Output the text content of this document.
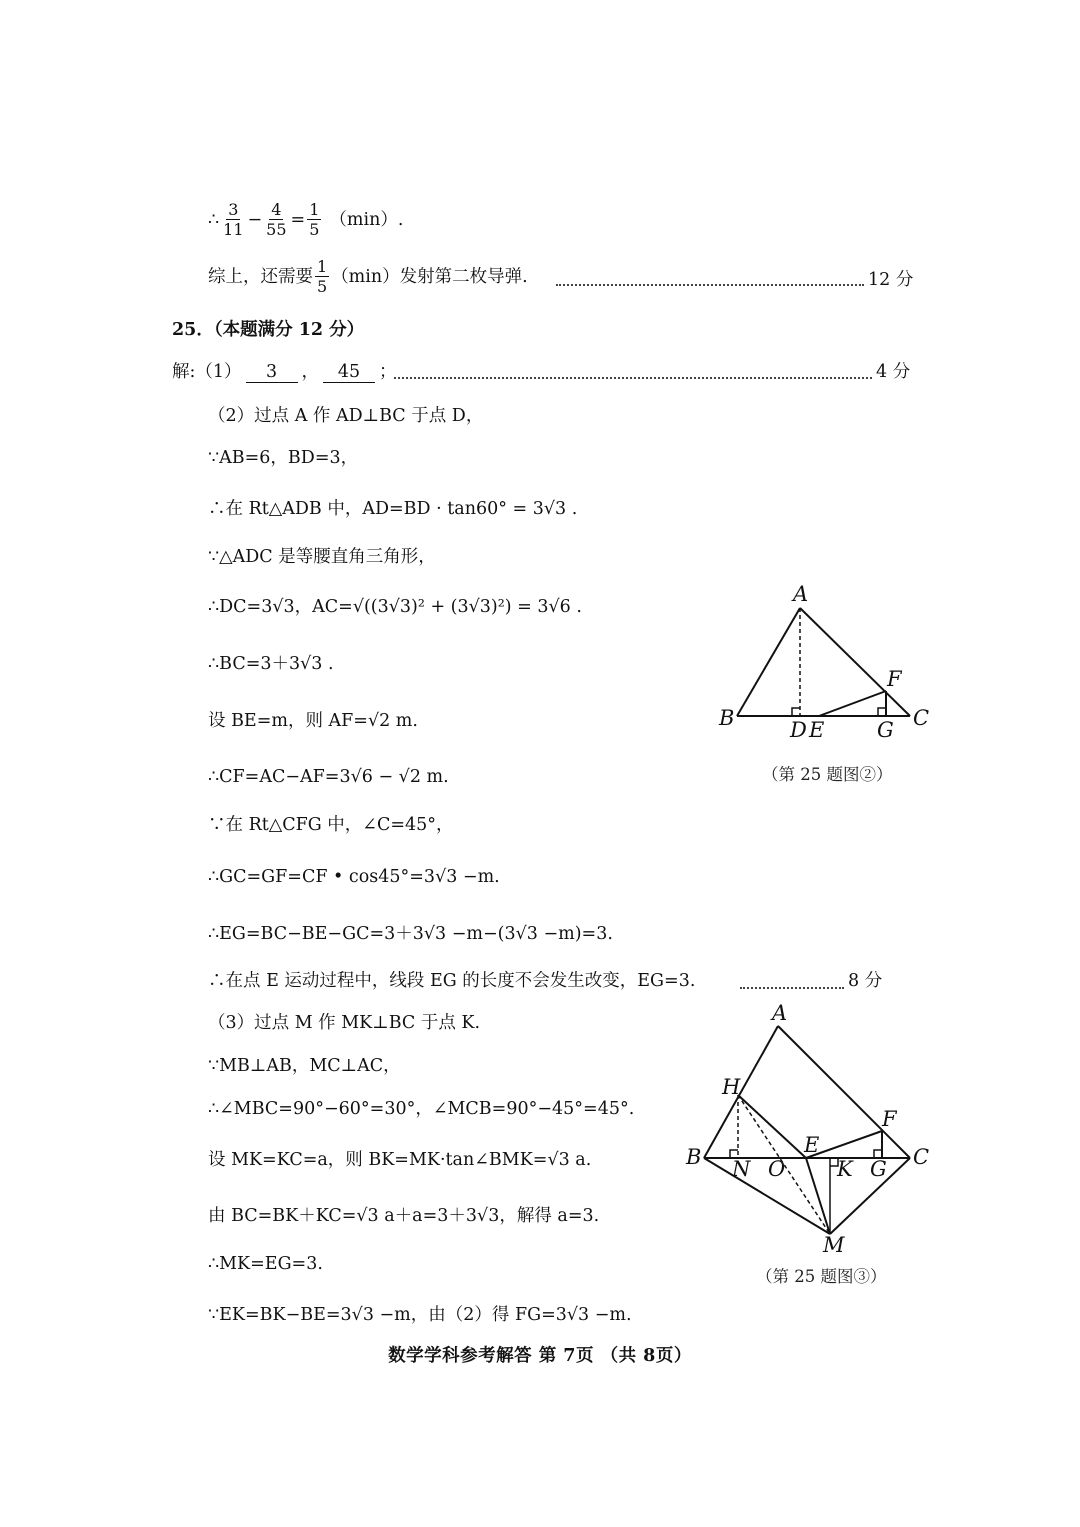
∴ $\frac{3}{11} - \frac{4}{55} = \frac{1}{5} (\min)$.
综上，还需要 $\frac{1}{5} (\min)$发射第二枚导弹.	12 分
25．（本题满分 12 分）
解:（1）	3	，	45	；	4 分
（2）过点 A 作 AD⊥BC 于点 D，
∵AB=6，BD=3，
∴在 Rt△ADB 中，AD=BD · tan60° = 3√3 .
∵△ADC 是等腰直角三角形，
∴DC=3√3，AC=√((3√3)² + (3√3)²) = 3√6 .
∴BC=3＋3√3 .
设 BE=m，则 AF=√2 m.
∴CF=AC−AF=3√6 − √2 m.
∵在 Rt△CFG 中，∠C=45°，
∴GC=GF=CF • cos45°=3√3 −m.
∴EG=BC−BE−GC=3＋3√3 −m−(3√3 −m)=3.
∴在点 E 运动过程中，线段 EG 的长度不会发生改变，EG=3.	8 分
（3）过点 M 作 MK⊥BC 于点 K.
∵MB⊥AB，MC⊥AC，
∴∠MBC=90°−60°=30°，∠MCB=90°−45°=45°.
设 MK=KC=a，则 BK=MK·tan∠BMK=√3 a.
由 BC=BK＋KC=√3 a＋a=3＋3√3，解得 a=3.
∴MK=EG=3.
∵EK=BK−BE=3√3 −m，由（2）得 FG=3√3 −m.
A
F
B	D E	G C
（第 25 题图②）
A
H
F
B N O
E
K G C
M
（第 25 题图③）
数学学科参考解答 第 7页 （共 8页）
